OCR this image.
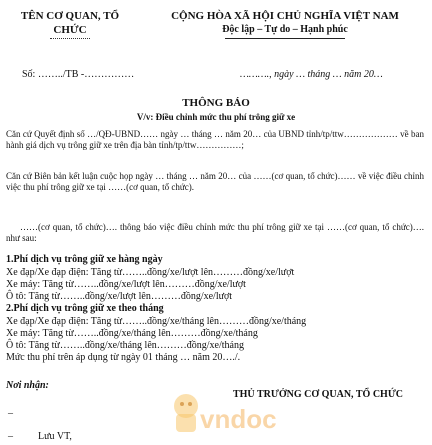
TÊN CƠ QUAN, TỔ
CHỨC
CỘNG HÒA XÃ HỘI CHỦ NGHĨA VIỆT NAM
Độc lập – Tự do – Hạnh phúc
Số: ……../TB -……………	………., ngày … tháng … năm 20…
THÔNG BÁO
V/v: Điều chỉnh mức thu phí trông giữ xe
Căn cứ Quyết định số …/QĐ-UBND…… ngày … tháng … năm 20… của UBND tỉnh/tp/ttw……………… về ban hành giá dịch vụ trông giữ xe trên địa bàn tỉnh/tp/ttw……………;
Căn cứ Biên bản kết luận cuộc họp ngày … tháng … năm 20… của ……(cơ quan, tổ chức)…… về việc điều chỉnh việc thu phí trông giữ xe tại ……(cơ quan, tổ chức).
……(cơ quan, tổ chức)…. thông báo việc điều chỉnh mức thu phí trông giữ xe tại ……(cơ quan, tổ chức)…. như sau:
1.Phí dịch vụ trông giữ xe hàng ngày
Xe đạp/Xe đạp điện: Tăng từ……..đồng/xe/lượt lên………đồng/xe/lượt
Xe máy: Tăng từ……..đồng/xe/lượt lên………đồng/xe/lượt
Ô tô: Tăng từ……..đồng/xe/lượt lên………đồng/xe/lượt
2.Phí dịch vụ trông giữ xe theo tháng
Xe đạp/Xe đạp điện: Tăng từ……..đồng/xe/tháng lên………đồng/xe/tháng
Xe máy: Tăng từ……..đồng/xe/tháng lên………đồng/xe/tháng
Ô tô: Tăng từ……..đồng/xe/tháng lên………đồng/xe/tháng
Mức thu phí trên áp dụng từ ngày 01 tháng … năm 20…./.
vndoc
Nơi nhận:
THỦ TRƯỞNG CƠ QUAN, TỔ CHỨC
–
–	Lưu VT,
